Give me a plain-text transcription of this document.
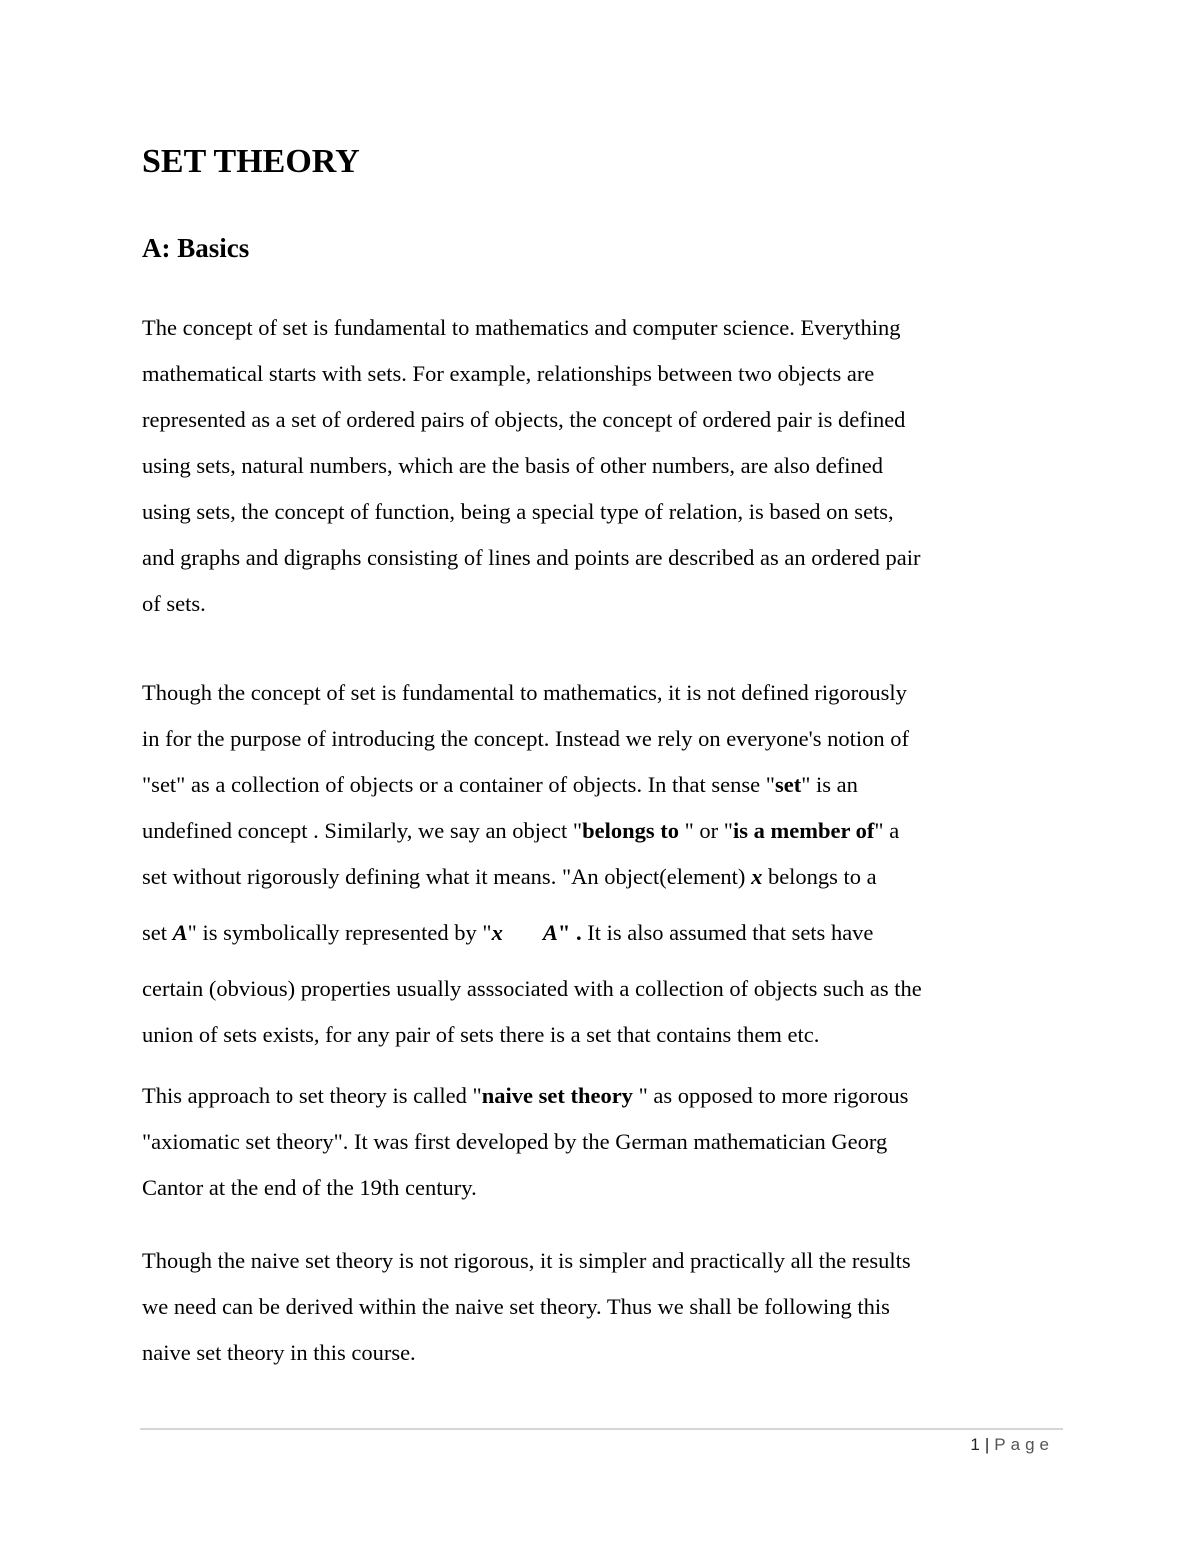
SET THEORY
A: Basics

The concept of set is fundamental to mathematics and computer science. Everything
mathematical starts with sets. For example, relationships between two objects are
represented as a set of ordered pairs of objects, the concept of ordered pair is defined
using sets, natural numbers, which are the basis of other numbers, are also defined
using sets, the concept of function, being a special type of relation, is based on sets,
and graphs and digraphs consisting of lines and points are described as an ordered pair
of sets.

Though the concept of set is fundamental to mathematics, it is not defined rigorously
in for the purpose of introducing the concept. Instead we rely on everyone's notion of
"set" as a collection of objects or a container of objects. In that sense "set" is an
undefined concept . Similarly, we say an object "belongs to " or "is a member of" a
set without rigorously defining what it means. "An object(element) x belongs to a
set A" is symbolically represented by "x A" . It is also assumed that sets have
certain (obvious) properties usually asssociated with a collection of objects such as the
union of sets exists, for any pair of sets there is a set that contains them etc.

This approach to set theory is called "naive set theory " as opposed to more rigorous
"axiomatic set theory". It was first developed by the German mathematician Georg
Cantor at the end of the 19th century.

Though the naive set theory is not rigorous, it is simpler and practically all the results
we need can be derived within the naive set theory. Thus we shall be following this
naive set theory in this course.

1 | Page
